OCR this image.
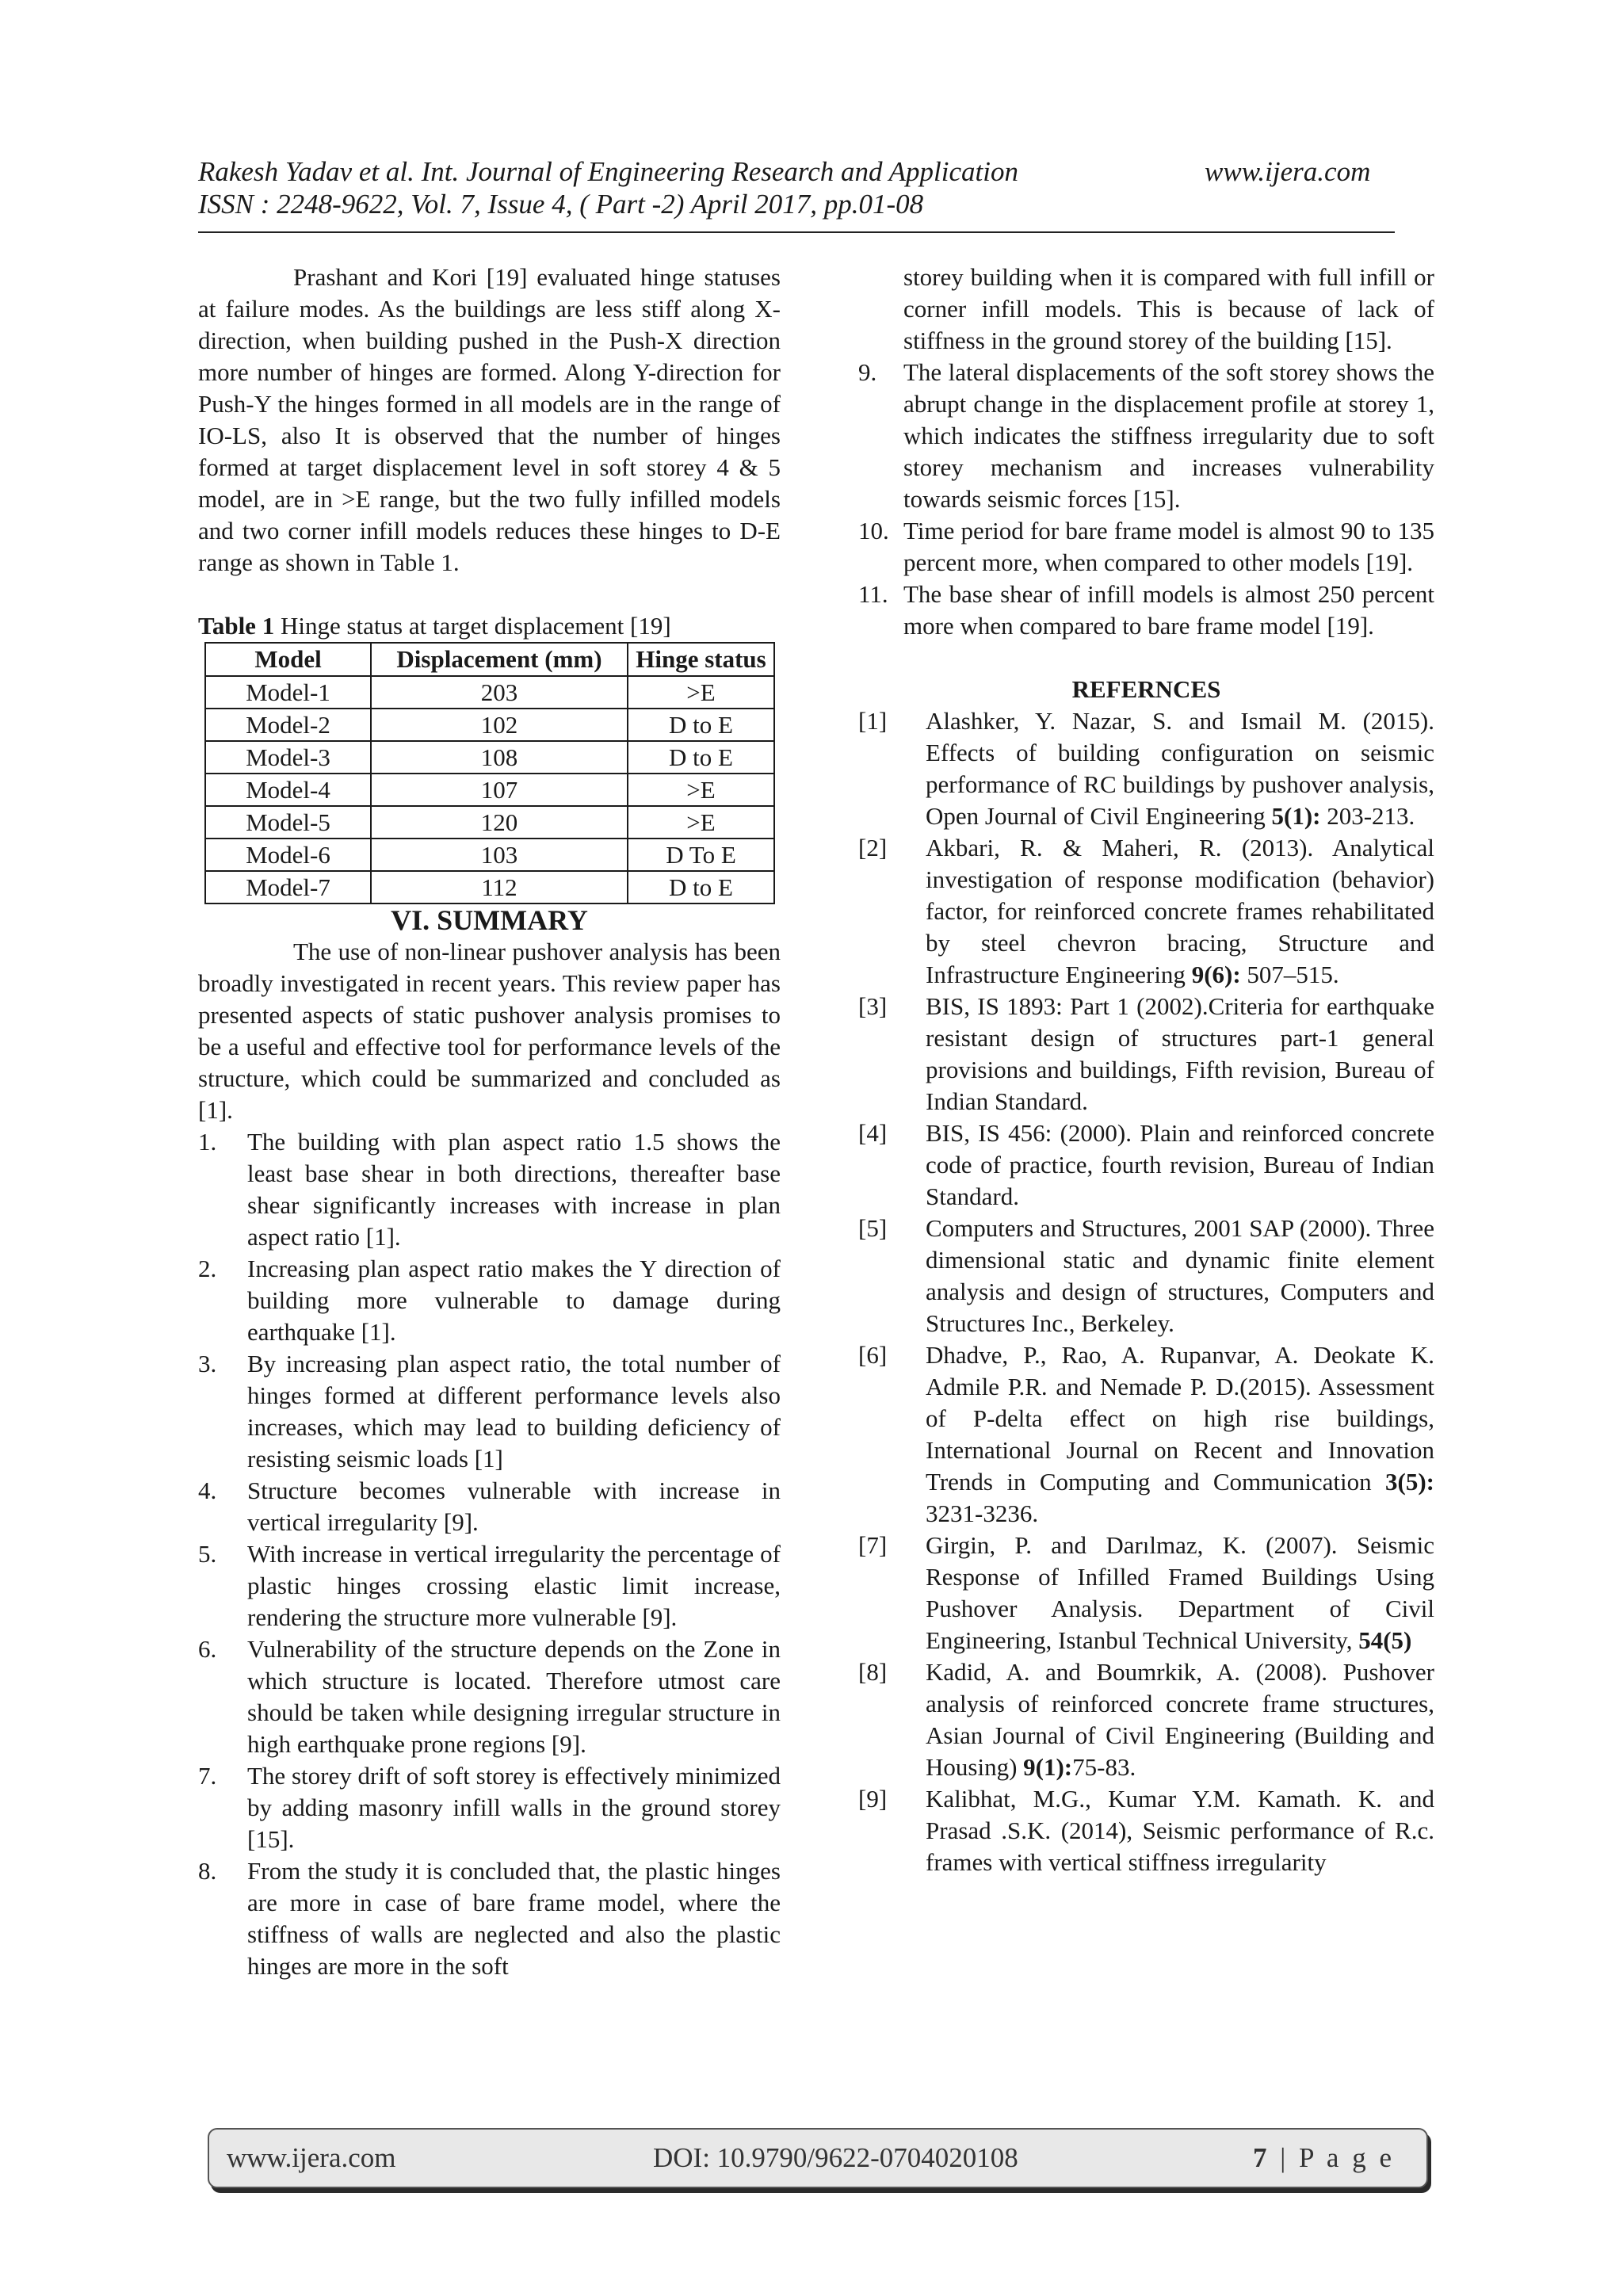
Rakesh Yadav et al. Int. Journal of Engineering Research and Application	www.ijera.com
ISSN : 2248-9622, Vol. 7, Issue 4, ( Part -2) April 2017, pp.01-08

Prashant and Kori [19] evaluated hinge statuses at failure modes. As the buildings are less stiff along X-direction, when building pushed in the Push-X direction more number of hinges are formed. Along Y-direction for Push-Y the hinges formed in all models are in the range of IO-LS, also It is observed that the number of hinges formed at target displacement level in soft storey 4 & 5 model, are in >E range, but the two fully infilled models and two corner infill models reduces these hinges to D-E range as shown in Table 1.

Table 1 Hinge status at target displacement [19]
Model	Displacement (mm)	Hinge status
Model-1	203	>E
Model-2	102	D to E
Model-3	108	D to E
Model-4	107	>E
Model-5	120	>E
Model-6	103	D To E
Model-7	112	D to E
VI. SUMMARY

The use of non-linear pushover analysis has been broadly investigated in recent years. This review paper has presented aspects of static pushover analysis promises to be a useful and effective tool for performance levels of the structure, which could be summarized and concluded as [1].

1. The building with plan aspect ratio 1.5 shows the least base shear in both directions, thereafter base shear significantly increases with increase in plan aspect ratio [1].
2. Increasing plan aspect ratio makes the Y direction of building more vulnerable to damage during earthquake [1].
3. By increasing plan aspect ratio, the total number of hinges formed at different performance levels also increases, which may lead to building deficiency of resisting seismic loads [1]
4. Structure becomes vulnerable with increase in vertical irregularity [9].
5. With increase in vertical irregularity the percentage of plastic hinges crossing elastic limit increase, rendering the structure more vulnerable [9].
6. Vulnerability of the structure depends on the Zone in which structure is located. Therefore utmost care should be taken while designing irregular structure in high earthquake prone regions [9].
7. The storey drift of soft storey is effectively minimized by adding masonry infill walls in the ground storey [15].
8. From the study it is concluded that, the plastic hinges are more in case of bare frame model, where the stiffness of walls are neglected and also the plastic hinges are more in the soft

storey building when it is compared with full infill or corner infill models. This is because of lack of stiffness in the ground storey of the building [15].

9. The lateral displacements of the soft storey shows the abrupt change in the displacement profile at storey 1, which indicates the stiffness irregularity due to soft storey mechanism and increases vulnerability towards seismic forces [15].
10. Time period for bare frame model is almost 90 to 135 percent more, when compared to other models [19].
11. The base shear of infill models is almost 250 percent more when compared to bare frame model [19].
REFERNCES
[1] Alashker, Y. Nazar, S. and Ismail M. (2015). Effects of building configuration on seismic performance of RC buildings by pushover analysis, Open Journal of Civil Engineering 5(1): 203-213.
[2] Akbari, R. & Maheri, R. (2013). Analytical investigation of response modification (behavior) factor, for reinforced concrete frames rehabilitated by steel chevron bracing, Structure and Infrastructure Engineering 9(6): 507–515.
[3] BIS, IS 1893: Part 1 (2002).Criteria for earthquake resistant design of structures part-1 general provisions and buildings, Fifth revision, Bureau of Indian Standard.
[4] BIS, IS 456: (2000). Plain and reinforced concrete code of practice, fourth revision, Bureau of Indian Standard.
[5] Computers and Structures, 2001 SAP (2000). Three dimensional static and dynamic finite element analysis and design of structures, Computers and Structures Inc., Berkeley.
[6] Dhadve, P., Rao, A. Rupanvar, A. Deokate K. Admile P.R. and Nemade P. D.(2015). Assessment of P-delta effect on high rise buildings, International Journal on Recent and Innovation Trends in Computing and Communication 3(5): 3231-3236.
[7] Girgin, P. and Darılmaz, K. (2007). Seismic Response of Infilled Framed Buildings Using Pushover Analysis. Department of Civil Engineering, Istanbul Technical University, 54(5)
[8] Kadid, A. and Boumrkik, A. (2008). Pushover analysis of reinforced concrete frame structures, Asian Journal of Civil Engineering (Building and Housing) 9(1):75-83.
[9] Kalibhat, M.G., Kumar Y.M. Kamath. K. and Prasad .S.K. (2014), Seismic performance of R.c. frames with vertical stiffness irregularity
www.ijera.com	DOI: 10.9790/9622-0704020108	7 | P a g e
